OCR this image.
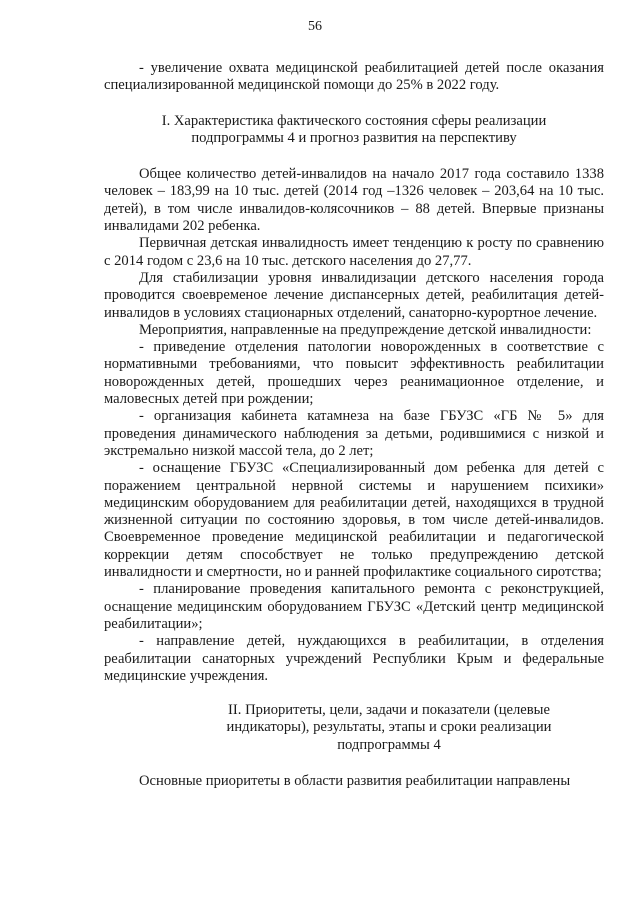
56

- увеличение охвата медицинской реабилитацией детей после оказания специализированной медицинской помощи до 25% в 2022 году.

I. Характеристика фактического состояния сферы реализации
подпрограммы 4 и прогноз развития на перспективу

Общее количество детей-инвалидов на начало 2017 года составило 1338 человек – 183,99 на 10 тыс. детей (2014 год –1326 человек – 203,64 на 10 тыс. детей), в том числе инвалидов-колясочников – 88 детей. Впервые признаны инвалидами 202 ребенка.

Первичная детская инвалидность имеет тенденцию к росту по сравнению с 2014 годом с 23,6 на 10 тыс. детского населения до 27,77.

Для стабилизации уровня инвалидизации детского населения города проводится своевременое лечение диспансерных детей, реабилитация детей-инвалидов в условиях стационарных отделений, санаторно-курортное лечение.

Мероприятия, направленные на предупреждение детской инвалидности:

- приведение отделения патологии новорожденных в соответствие с нормативными требованиями, что повысит эффективность реабилитации новорожденных детей, прошедших через реанимационное отделение, и маловесных детей при рождении;

- организация кабинета катамнеза на базе ГБУЗС «ГБ № 5» для проведения динамического наблюдения за детьми, родившимися с низкой и экстремально низкой массой тела, до 2 лет;

- оснащение ГБУЗС «Специализированный дом ребенка для детей с поражением центральной нервной системы и нарушением психики» медицинским оборудованием для реабилитации детей, находящихся в трудной жизненной ситуации по состоянию здоровья, в том числе детей-инвалидов. Своевременное проведение медицинской реабилитации и педагогической коррекции детям способствует не только предупреждению детской инвалидности и смертности, но и ранней профилактике социального сиротства;

- планирование проведения капитального ремонта с реконструкцией, оснащение медицинским оборудованием ГБУЗС «Детский центр медицинской реабилитации»;

- направление детей, нуждающихся в реабилитации, в отделения реабилитации санаторных учреждений Республики Крым и федеральные медицинские учреждения.

II. Приоритеты, цели, задачи и показатели (целевые
индикаторы), результаты, этапы и сроки реализации
подпрограммы 4

Основные приоритеты в области развития реабилитации направлены
